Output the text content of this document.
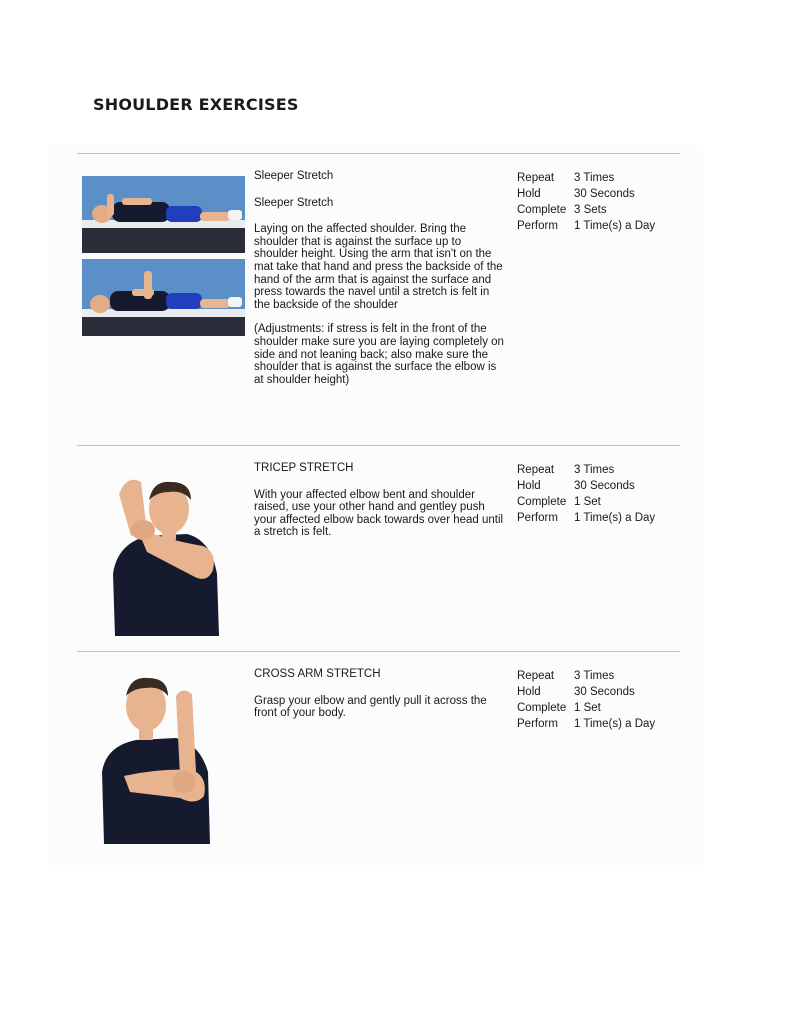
SHOULDER EXERCISES

Sleeper Stretch

Sleeper Stretch

Laying on the affected shoulder. Bring the shoulder that is against the surface up to shoulder height. Using the arm that isn't on the mat take that hand and press the backside of the hand of the arm that is against the surface and press towards the navel until a stretch is felt in the backside of the shoulder

(Adjustments: if stress is felt in the front of the shoulder make sure you are laying completely on side and not leaning back; also make sure the shoulder that is against the surface the elbow is at shoulder height)

Repeat	3 Times
Hold	30 Seconds
Complete 3 Sets
Perform	1 Time(s) a Day

TRICEP STRETCH

With your affected elbow bent and shoulder raised, use your other hand and gentley push your affected elbow back towards over head until a stretch is felt.

Repeat	3 Times
Hold	30 Seconds
Complete 1 Set
Perform	1 Time(s) a Day

CROSS ARM STRETCH

Grasp your elbow and gently pull it across the front of your body.

Repeat	3 Times
Hold	30 Seconds
Complete 1 Set
Perform	1 Time(s) a Day
